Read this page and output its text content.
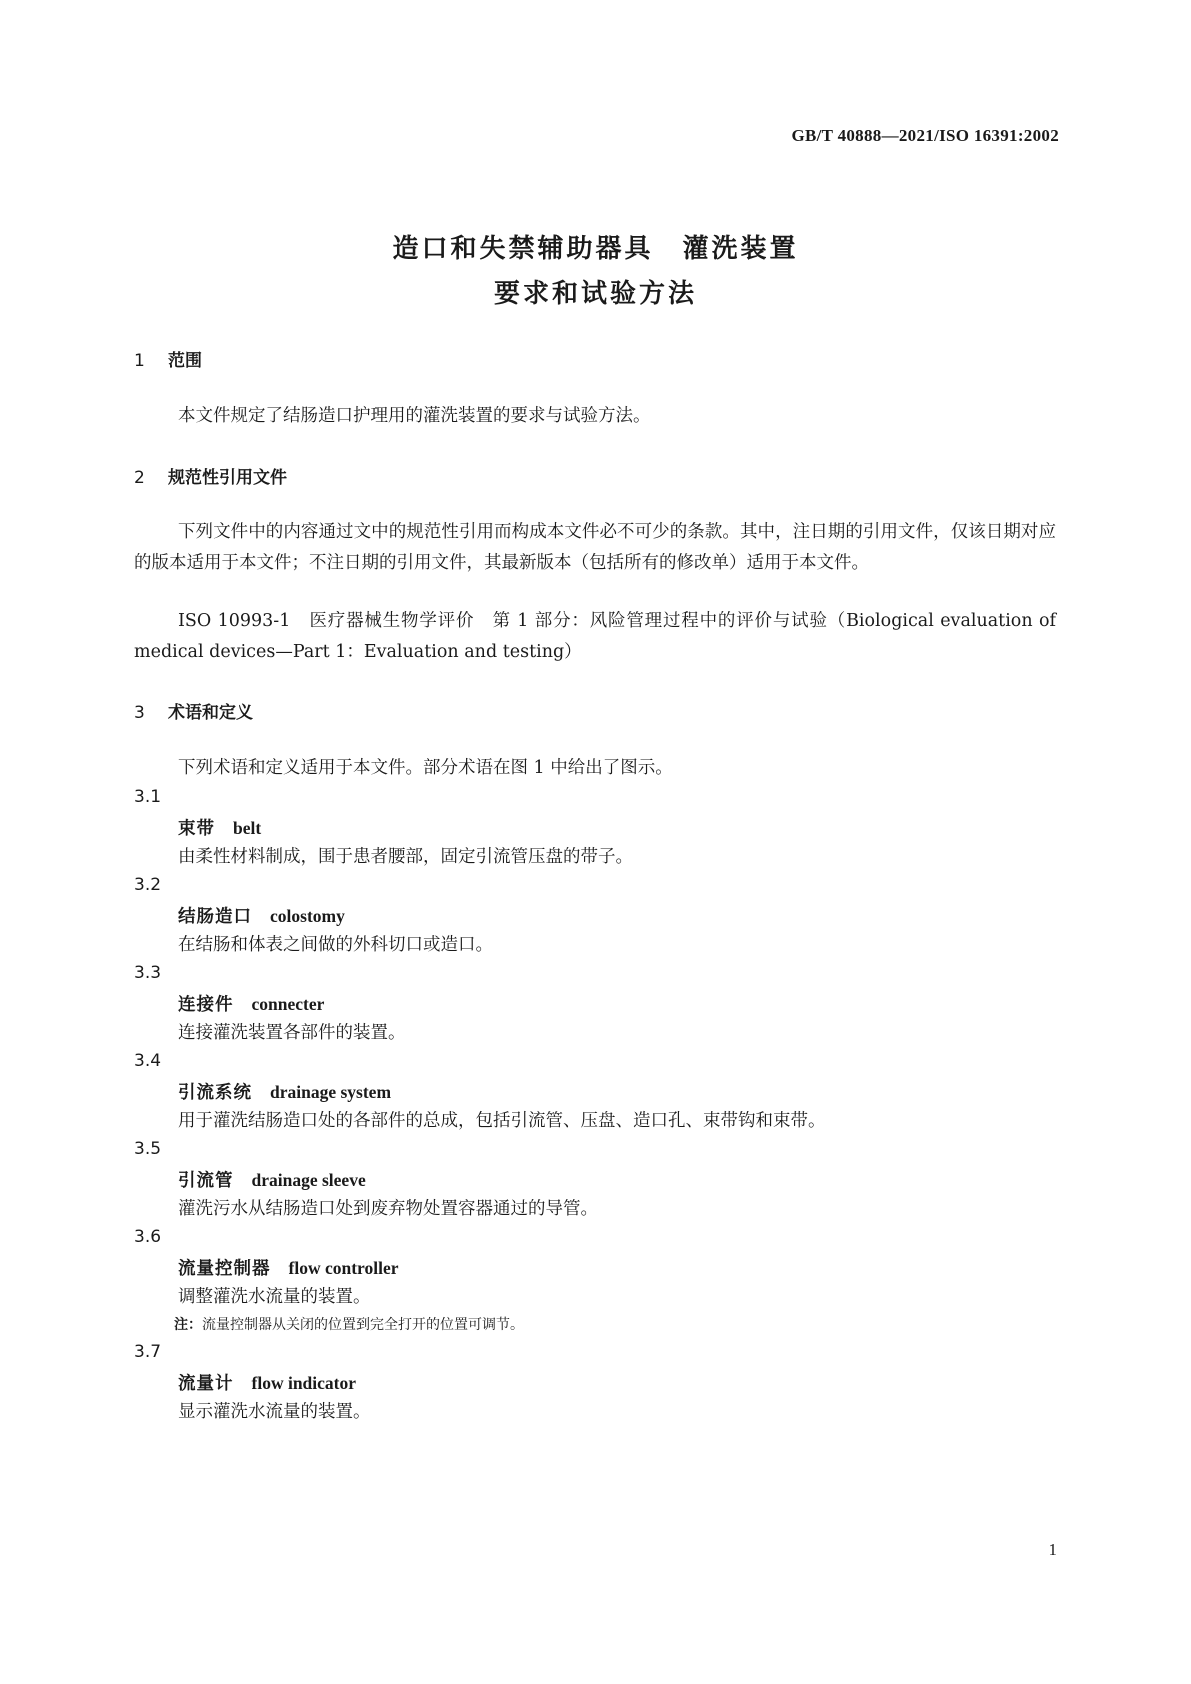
GB/T 40888—2021/ISO 16391:2002
造口和失禁辅助器具　灌洗装置
要求和试验方法
1 范围
本文件规定了结肠造口护理用的灌洗装置的要求与试验方法。
2 规范性引用文件
下列文件中的内容通过文中的规范性引用而构成本文件必不可少的条款。其中，注日期的引用文件，仅该日期对应的版本适用于本文件；不注日期的引用文件，其最新版本（包括所有的修改单）适用于本文件。
ISO 10993-1　医疗器械生物学评价　第 1 部分：风险管理过程中的评价与试验（Biological evaluation of medical devices—Part 1：Evaluation and testing）
3 术语和定义
下列术语和定义适用于本文件。部分术语在图 1 中给出了图示。
3.1
束带 belt
由柔性材料制成，围于患者腰部，固定引流管压盘的带子。
3.2
结肠造口 colostomy
在结肠和体表之间做的外科切口或造口。
3.3
连接件 connecter
连接灌洗装置各部件的装置。
3.4
引流系统 drainage system
用于灌洗结肠造口处的各部件的总成，包括引流管、压盘、造口孔、束带钩和束带。
3.5
引流管 drainage sleeve
灌洗污水从结肠造口处到废弃物处置容器通过的导管。
3.6
流量控制器 flow controller
调整灌洗水流量的装置。
注：流量控制器从关闭的位置到完全打开的位置可调节。
3.7
流量计 flow indicator
显示灌洗水流量的装置。
1
